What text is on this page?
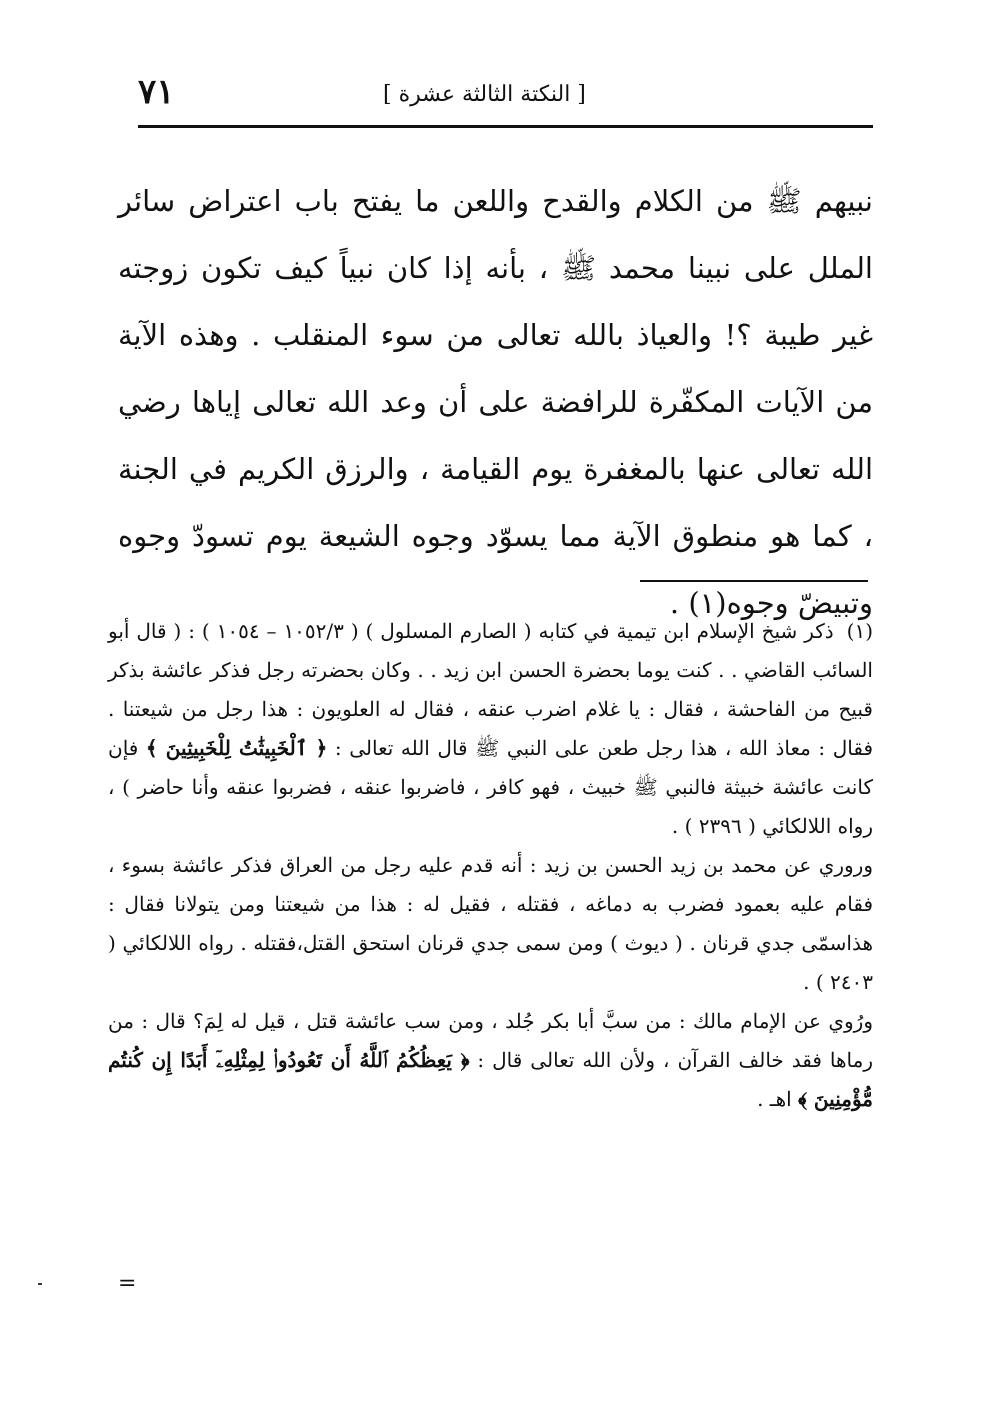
٧١	[ النكتة الثالثة عشرة ]

نبيهم ﷺ من الكلام والقدح واللعن ما يفتح باب اعتراض سائر الملل على نبينا محمد ﷺ ، بأنه إذا كان نبياً كيف تكون زوجته غير طيبة ؟! والعياذ بالله تعالى من سوء المنقلب . وهذه الآية من الآيات المكفّرة للرافضة على أن وعد الله تعالى إياها رضي الله تعالى عنها بالمغفرة يوم القيامة ، والرزق الكريم في الجنة ، كما هو منطوق الآية مما يسوّد وجوه الشيعة يوم تسودّ وجوه وتبيضّ وجوه(١) .

(١) ذكر شيخ الإسلام ابن تيمية في كتابه ( الصارم المسلول ) ( ١٠٥٢/٣ – ١٠٥٤ ) : ( قال أبو السائب القاضي . . كنت يوما بحضرة الحسن ابن زيد . . وكان بحضرته رجل فذكر عائشة بذكر قبيح من الفاحشة ، فقال : يا غلام اضرب عنقه ، فقال له العلويون : هذا رجل من شيعتنا . فقال : معاذ الله ، هذا رجل طعن على النبي ﷺ قال الله تعالى : ﴿ ٱلْخَبِيثَٰتُ لِلْخَبِيثِينَ ﴾ فإن كانت عائشة خبيثة فالنبي ﷺ خبيث ، فهو كافر ، فاضربوا عنقه ، فضربوا عنقه وأنا حاضر ) ، رواه اللالكائي ( ٢٣٩٦ ) .

وروري عن محمد بن زيد الحسن بن زيد : أنه قدم عليه رجل من العراق فذكر عائشة بسوء ، فقام عليه بعمود فضرب به دماغه ، فقتله ، فقيل له : هذا من شيعتنا ومن يتولانا فقال : هذاسمّى جدي قرنان . ( ديوث ) ومن سمى جدي قرنان استحق القتل،فقتله . رواه اللالكائي ( ٢٤٠٣ ) .

ورُوي عن الإمام مالك : من سبَّ أبا بكر جُلد ، ومن سب عائشة قتل ، قيل له لِمَ؟ قال : من رماها فقد خالف القرآن ، ولأن الله تعالى قال : ﴿ يَعِظُكُمُ ٱللَّهُ أَن تَعُودُوا۟ لِمِثْلِهِۦٓ أَبَدًا إِن كُنتُم مُّؤْمِنِينَ ﴾ اهـ .

=
